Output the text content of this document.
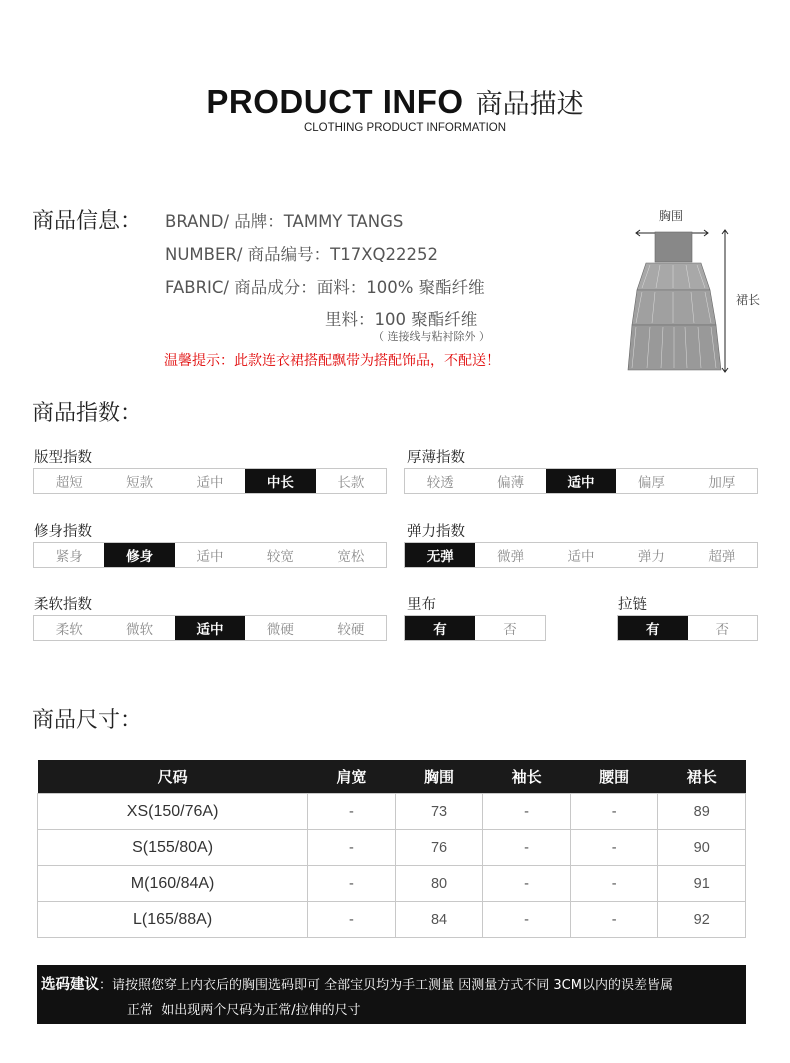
PRODUCT INFO 商品描述
CLOTHING PRODUCT INFORMATION
商品信息： BRAND/ 品牌：TAMMY TANGS
NUMBER/ 商品编号：T17XQ22252
FABRIC/ 商品成分：面料：100% 聚酯纤维
里料：100 聚酯纤维
（ 连接线与粘衬除外 ）
温馨提示：此款连衣裙搭配飘带为搭配饰品，不配送！
胸围
裙长
商品指数：
版型指数
超短	短款	适中	中长	长款
厚薄指数
较透	偏薄	适中	偏厚	加厚
修身指数
紧身	修身	适中	较宽	宽松
弹力指数
无弹	微弹	适中	弹力	超弹
柔软指数
柔软	微软	适中	微硬	较硬
里布
有	否
拉链
有	否
商品尺寸：
尺码	肩宽	胸围	袖长	腰围	裙长
XS(150/76A)	-	73	-	-	89
S(155/80A)	-	76	-	-	90
M(160/84A)	-	80	-	-	91
L(165/88A)	-	84	-	-	92
选码建议：请按照您穿上内衣后的胸围选码即可 全部宝贝均为手工测量 因测量方式不同 3CM以内的误差皆属
正常  如出现两个尺码为正常/拉伸的尺寸
